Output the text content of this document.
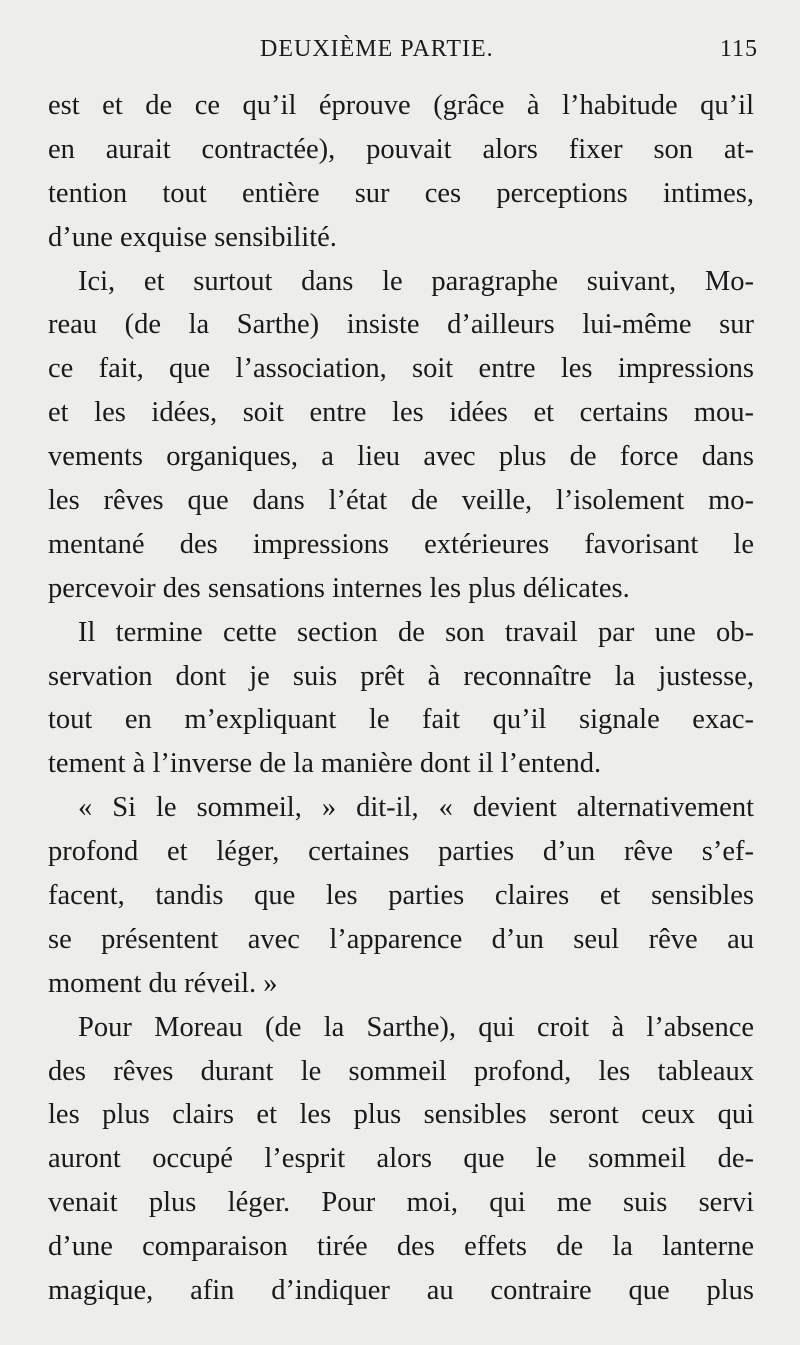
DEUXIÈME PARTIE.	115
est et de ce qu’il éprouve (grâce à l’habitude qu’il
en aurait contractée), pouvait alors fixer son at-
tention tout entière sur ces perceptions intimes,
d’une exquise sensibilité.
Ici, et surtout dans le paragraphe suivant, Mo-
reau (de la Sarthe) insiste d’ailleurs lui-même sur
ce fait, que l’association, soit entre les impressions
et les idées, soit entre les idées et certains mou-
vements organiques, a lieu avec plus de force dans
les rêves que dans l’état de veille, l’isolement mo-
mentané des impressions extérieures favorisant le
percevoir des sensations internes les plus délicates.
Il termine cette section de son travail par une ob-
servation dont je suis prêt à reconnaître la justesse,
tout en m’expliquant le fait qu’il signale exac-
tement à l’inverse de la manière dont il l’entend.
« Si le sommeil, » dit-il, « devient alternativement
profond et léger, certaines parties d’un rêve s’ef-
facent, tandis que les parties claires et sensibles
se présentent avec l’apparence d’un seul rêve au
moment du réveil. »
Pour Moreau (de la Sarthe), qui croit à l’absence
des rêves durant le sommeil profond, les tableaux
les plus clairs et les plus sensibles seront ceux qui
auront occupé l’esprit alors que le sommeil de-
venait plus léger. Pour moi, qui me suis servi
d’une comparaison tirée des effets de la lanterne
magique, afin d’indiquer au contraire que plus
